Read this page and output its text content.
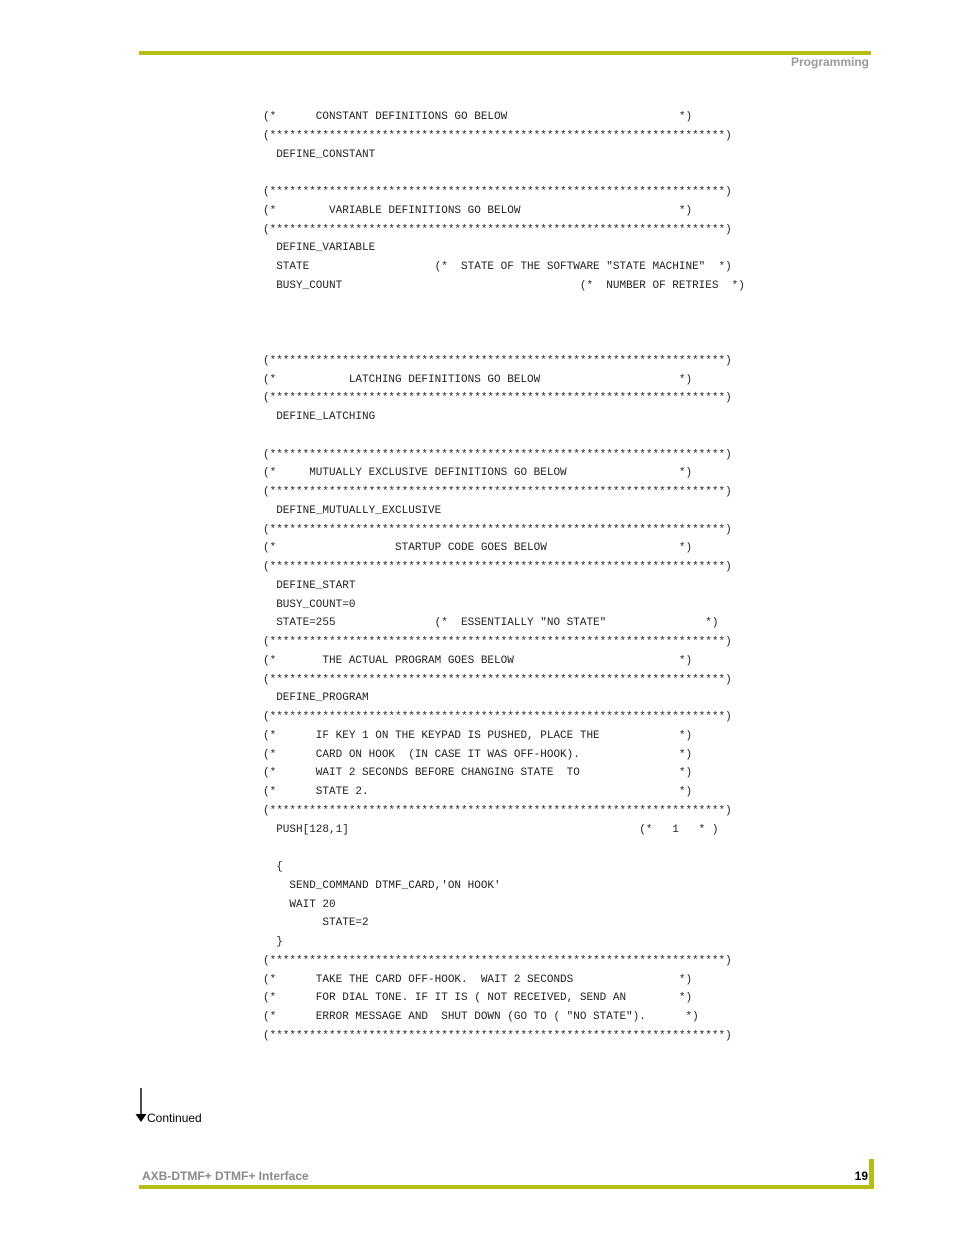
Programming
(*      CONSTANT DEFINITIONS GO BELOW                          *)
(*********************************************************************)
DEFINE_CONSTANT

(*********************************************************************)
(*        VARIABLE DEFINITIONS GO BELOW                        *)
(*********************************************************************)
DEFINE_VARIABLE
STATE                   (*  STATE OF THE SOFTWARE "STATE MACHINE"  *)
BUSY_COUNT                                    (*  NUMBER OF RETRIES  *)

(*********************************************************************)
(*           LATCHING DEFINITIONS GO BELOW                     *)
(*********************************************************************)
DEFINE_LATCHING

(*********************************************************************)
(*     MUTUALLY EXCLUSIVE DEFINITIONS GO BELOW                 *)
(*********************************************************************)
DEFINE_MUTUALLY_EXCLUSIVE
(*********************************************************************)
(*                  STARTUP CODE GOES BELOW                    *)
(*********************************************************************)
DEFINE_START
BUSY_COUNT=0
STATE=255               (*  ESSENTIALLY "NO STATE"               *)
(*********************************************************************)
(*       THE ACTUAL PROGRAM GOES BELOW                         *)
(*********************************************************************)
DEFINE_PROGRAM
(*********************************************************************)
(*      IF KEY 1 ON THE KEYPAD IS PUSHED, PLACE THE            *)
(*      CARD ON HOOK  (IN CASE IT WAS OFF-HOOK).               *)
(*      WAIT 2 SECONDS BEFORE CHANGING STATE  TO               *)
(*      STATE 2.                                               *)
(*********************************************************************)
PUSH[128,1]                                            (*   1   * )

{
SEND_COMMAND DTMF_CARD,'ON HOOK'
WAIT 20
STATE=2
}
(*********************************************************************)
(*      TAKE THE CARD OFF-HOOK.  WAIT 2 SECONDS                *)
(*      FOR DIAL TONE. IF IT IS ( NOT RECEIVED, SEND AN        *)
(*      ERROR MESSAGE AND  SHUT DOWN (GO TO ( "NO STATE").      *)
(*********************************************************************)

Continued
AXB-DTMF+ DTMF+ Interface	19
